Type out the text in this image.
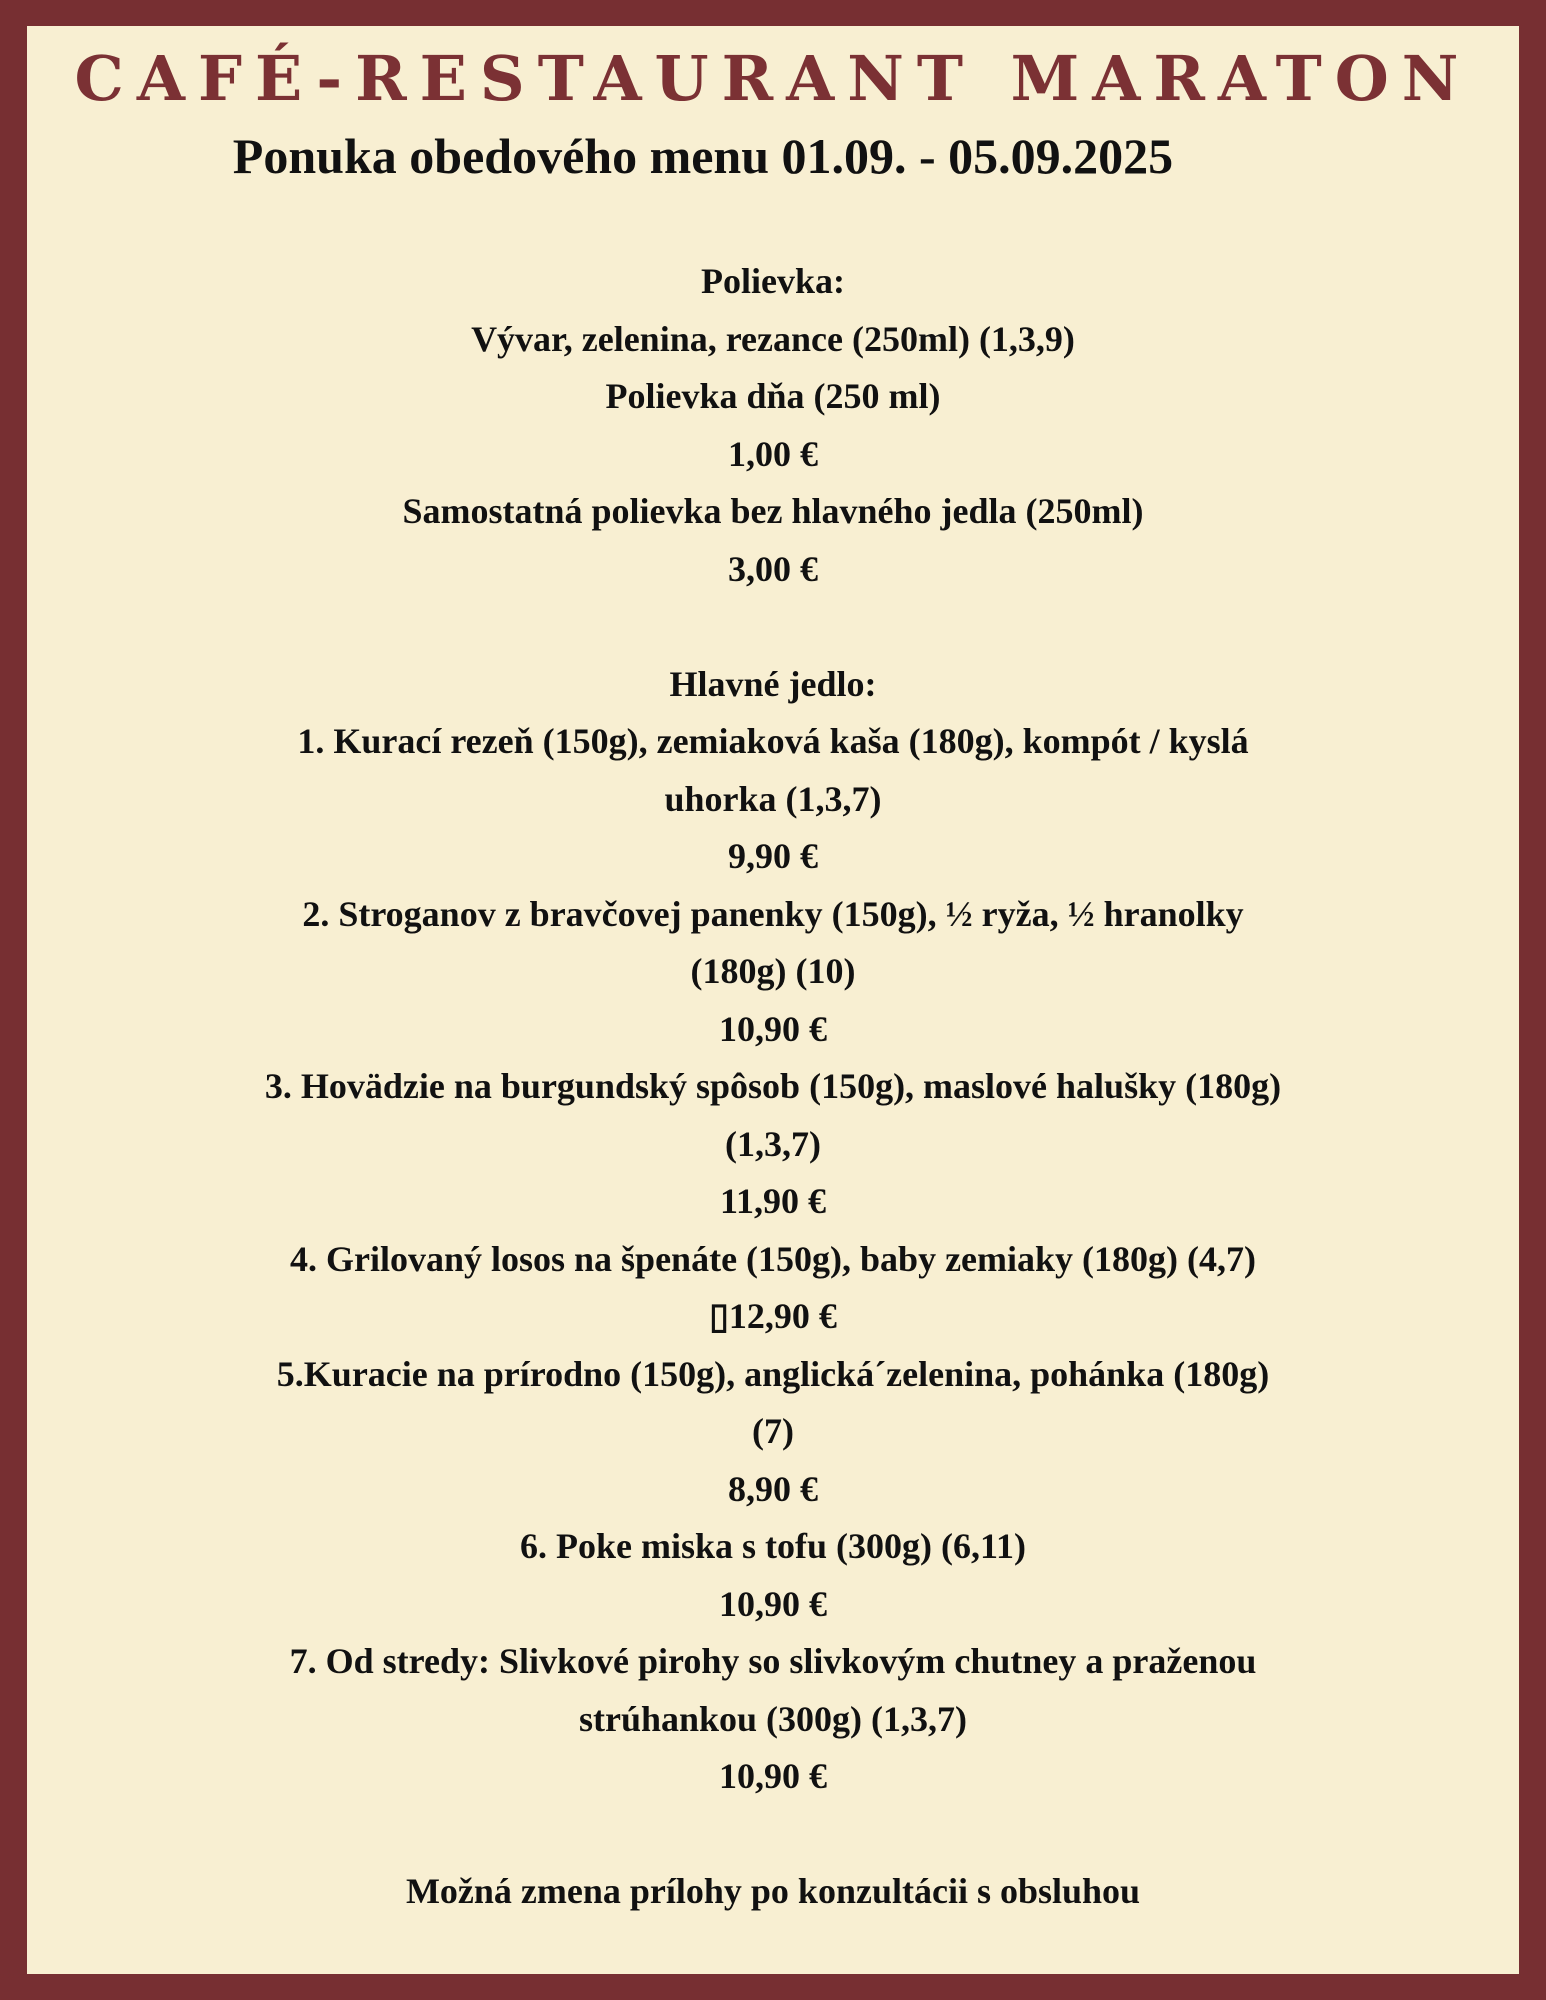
CAFÉ-RESTAURANT MARATON
Ponuka obedového menu 01.09. - 05.09.2025
Polievka:
Vývar, zelenina, rezance (250ml) (1,3,9)
Polievka dňa (250 ml)
1,00 €
Samostatná polievka bez hlavného jedla (250ml)
3,00 €
Hlavné jedlo:
1. Kurací rezeň (150g), zemiaková kaša (180g), kompót / kyslá
uhorka (1,3,7)
9,90 €
2. Stroganov z bravčovej panenky (150g), ½ ryža, ½ hranolky
(180g) (10)
10,90 €
3. Hovädzie na burgundský spôsob (150g), maslové halušky (180g)
(1,3,7)
11,90 €
4. Grilovaný losos na špenáte (150g), baby zemiaky (180g) (4,7)
▯12,90 €
5.Kuracie na prírodno (150g), anglická´zelenina, pohánka (180g)
(7)
8,90 €
6. Poke miska s tofu (300g) (6,11)
10,90 €
7. Od stredy: Slivkové pirohy so slivkovým chutney a praženou
strúhankou (300g) (1,3,7)
10,90 €
Možná zmena prílohy po konzultácii s obsluhou
